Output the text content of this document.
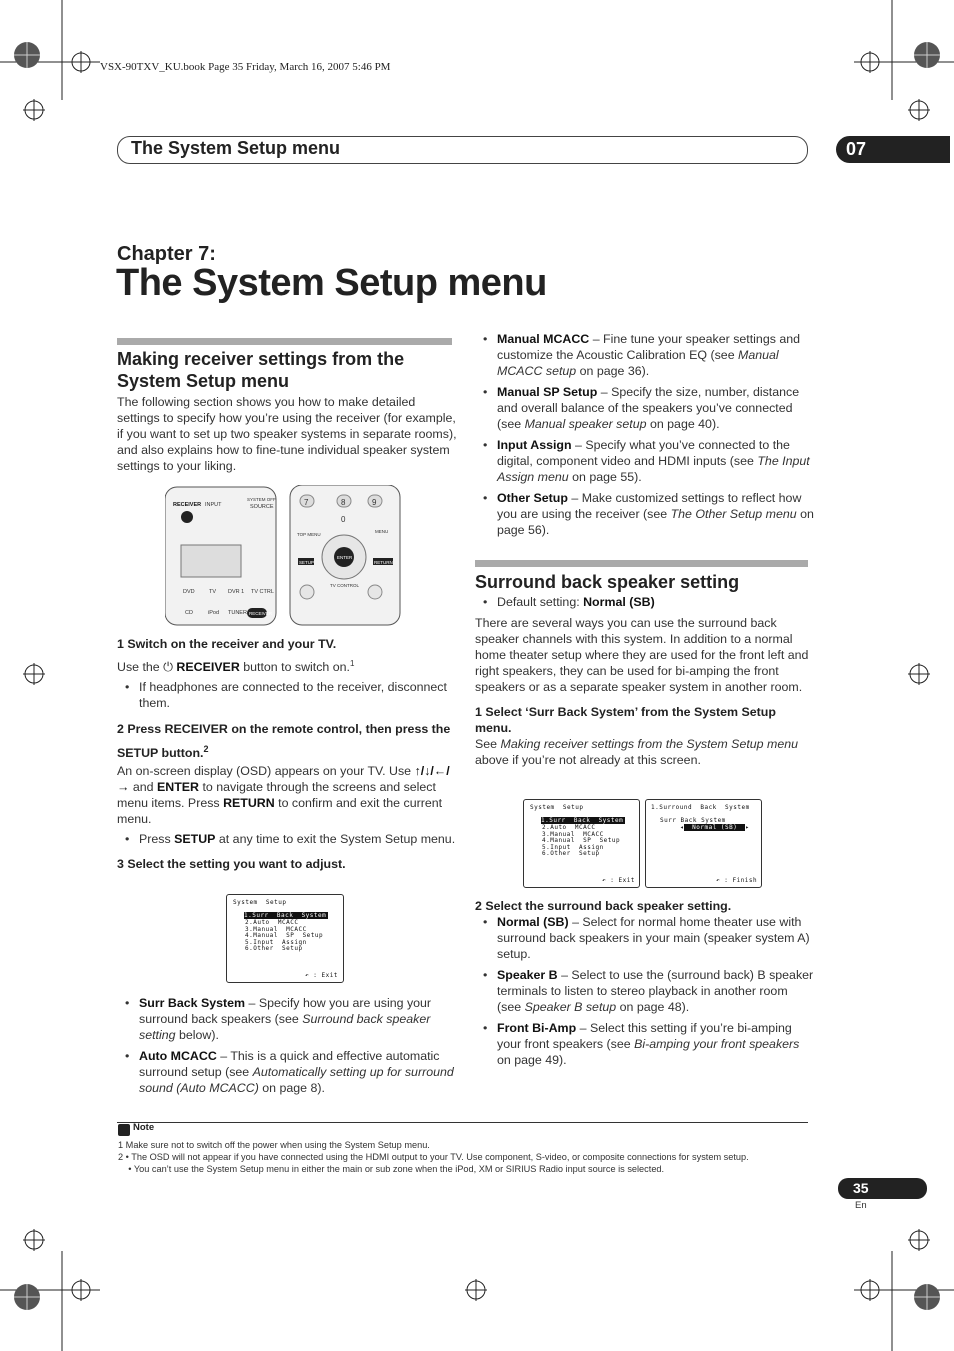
VSX-90TXV_KU.book Page 35 Friday, March 16, 2007 5:46 PM
The System Setup menu	07
Chapter 7:
The System Setup menu
Making receiver settings from the System Setup menu

The following section shows you how to make detailed settings to specify how you’re using the receiver (for example, if you want to set up two speaker systems in separate rooms), and also explains how to fine-tune individual speaker system settings to your liking.

RECEIVER INPUT
SYSTEM OFF
SOURCE
ENTER
TOP MENU
MENU
SETUP	RETURN
TV CONTROL
DVD	TV DVR 1 TV CTRL
CD	iPod TUNER RECEIVER
7	8	9
0

1 Switch on the receiver and your TV.

Use the ⏻ RECEIVER button to switch on.$^1$

• If headphones are connected to the receiver, disconnect them.

2 Press RECEIVER on the remote control, then press the SETUP button.$^2$

An on-screen display (OSD) appears on your TV. Use ↑/↓/←/→ and ENTER to navigate through the screens and select menu items. Press RETURN to confirm and exit the current menu.

• Press SETUP at any time to exit the System Setup menu.

3 Select the setting you want to adjust.

System  Setup
1.Surr  Back  System
2.Auto  MCACC
3.Manual  MCACC
4.Manual  SP  Setup
5.Input  Assign
6.Other  Setup
↶ : Exit
• Surr Back System – Specify how you are using your surround back speakers (see Surround back speaker setting below).
• Auto MCACC – This is a quick and effective automatic surround setup (see Automatically setting up for surround sound (Auto MCACC) on page 8).
• Manual MCACC – Fine tune your speaker settings and customize the Acoustic Calibration EQ (see Manual MCACC setup on page 36).
• Manual SP Setup – Specify the size, number, distance and overall balance of the speakers you’ve connected (see Manual speaker setup on page 40).
• Input Assign – Specify what you’ve connected to the digital, component video and HDMI inputs (see The Input Assign menu on page 55).
• Other Setup – Make customized settings to reflect how you are using the receiver (see The Other Setup menu on page 56).
Surround back speaker setting
• Default setting: Normal (SB)

There are several ways you can use the surround back speaker channels with this system. In addition to a normal home theater setup where they are used for the front left and right speakers, they can be used for bi-amping the front speakers or as a separate speaker system in another room.

1 Select ‘Surr Back System’ from the System Setup menu.

See Making receiver settings from the System Setup menu above if you’re not already at this screen.

System  Setup
1.Surr  Back  System
2.Auto  MCACC
3.Manual  MCACC
4.Manual  SP  Setup
5.Input  Assign
6.Other  Setup
↶ : Exit
1.Surround  Back  System
Surr Back System
◂ Normal (SB) ▸
↶ : Finish

2 Select the surround back speaker setting.

• Normal (SB) – Select for normal home theater use with surround back speakers in your main (speaker system A) setup.
• Speaker B – Select to use the (surround back) B speaker terminals to listen to stereo playback in another room (see Speaker B setup on page 48).
• Front Bi-Amp – Select this setting if you’re bi-amping your front speakers (see Bi-amping your front speakers on page 49).
Note
1 Make sure not to switch off the power when using the System Setup menu.
2 • The OSD will not appear if you have connected using the HDMI output to your TV. Use component, S-video, or composite connections for system setup.
• You can’t use the System Setup menu in either the main or sub zone when the iPod, XM or SIRIUS Radio input source is selected.
35
En
